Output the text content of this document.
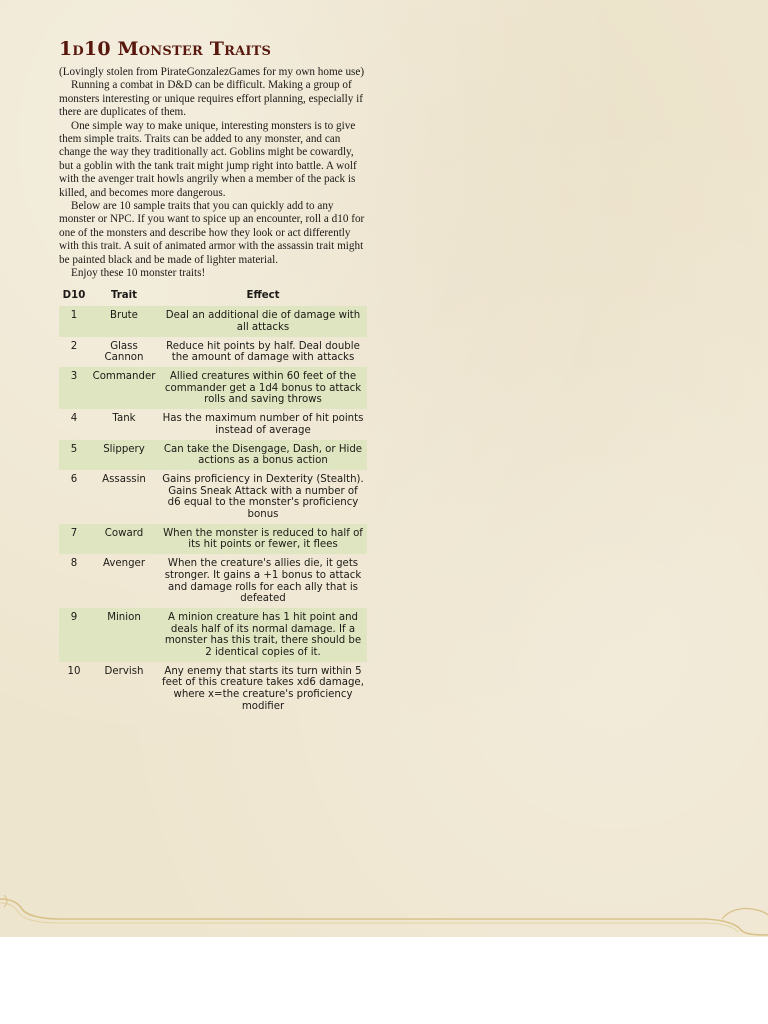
1d10 Monster Traits

(Lovingly stolen from PirateGonzalezGames for my own home use)

Running a combat in D&D can be difficult. Making a group of monsters interesting or unique requires effort planning, especially if there are duplicates of them.

One simple way to make unique, interesting monsters is to give them simple traits. Traits can be added to any monster, and can change the way they traditionally act. Goblins might be cowardly, but a goblin with the tank trait might jump right into battle. A wolf with the avenger trait howls angrily when a member of the pack is killed, and becomes more dangerous.

Below are 10 sample traits that you can quickly add to any monster or NPC. If you want to spice up an encounter, roll a d10 for one of the monsters and describe how they look or act differently with this trait. A suit of animated armor with the assassin trait might be painted black and be made of lighter material.

Enjoy these 10 monster traits!

D10	Trait	Effect
1	Brute	Deal an additional die of damage with all attacks
2	Glass Cannon	Reduce hit points by half. Deal double the amount of damage with attacks
3	Commander	Allied creatures within 60 feet of the commander get a 1d4 bonus to attack rolls and saving throws
4	Tank	Has the maximum number of hit points instead of average
5	Slippery	Can take the Disengage, Dash, or Hide actions as a bonus action
6	Assassin	Gains proficiency in Dexterity (Stealth). Gains Sneak Attack with a number of d6 equal to the monster's proficiency bonus
7	Coward	When the monster is reduced to half of its hit points or fewer, it flees
8	Avenger	When the creature's allies die, it gets stronger. It gains a +1 bonus to attack and damage rolls for each ally that is defeated
9	Minion	A minion creature has 1 hit point and deals half of its normal damage. If a monster has this trait, there should be 2 identical copies of it.
10	Dervish	Any enemy that starts its turn within 5 feet of this creature takes xd6 damage, where x=the creature's proficiency modifier
